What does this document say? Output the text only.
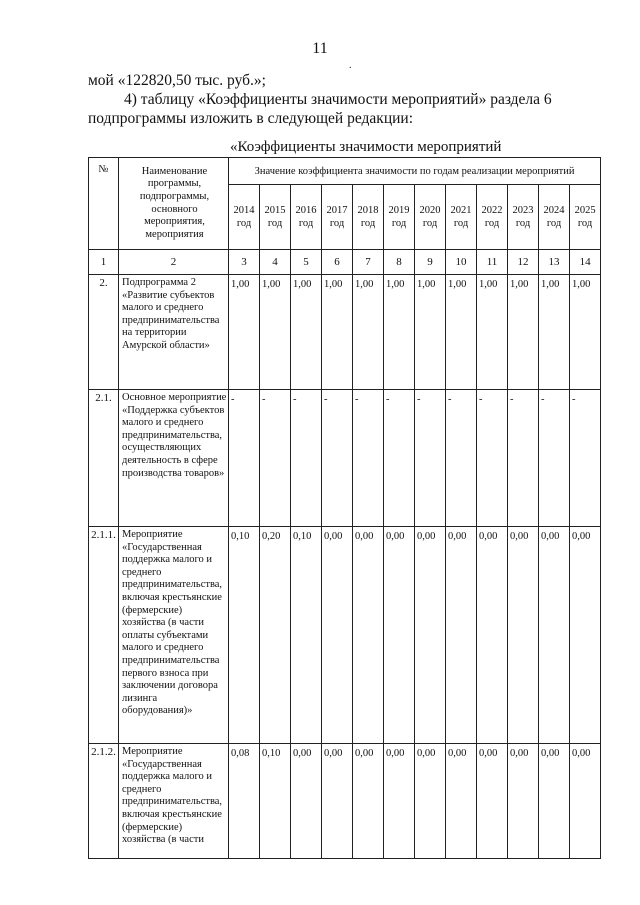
11
.
мой «122820,50 тыс. руб.»;
4) таблицу «Коэффициенты значимости мероприятий» раздела 6 подпрограммы изложить в следующей редакции:
«Коэффициенты значимости мероприятий
№	Наименование программы, подпрограммы, основного мероприятия, мероприятия	Значение коэффициента значимости по годам реализации мероприятий											
		2014 год	2015 год	2016 год	2017 год	2018 год	2019 год	2020 год	2021 год	2022 год	2023 год	2024 год	2025 год
1	2	3	4	5	6	7	8	9	10	11	12	13	14
2.	Подпрограмма 2 «Развитие субъектов малого и среднего предпринимательства на территории Амурской области»	1,00	1,00	1,00	1,00	1,00	1,00	1,00	1,00	1,00	1,00	1,00	1,00
2.1.	Основное мероприятие «Поддержка субъектов малого и среднего предпринимательства, осуществляющих деятельность в сфере производства товаров»	-	-	-	-	-	-	-	-	-	-	-	-
2.1.1.	Мероприятие «Государственная поддержка малого и среднего предпринимательства, включая крестьянские (фермерские) хозяйства (в части оплаты субъектами малого и среднего предпринимательства первого взноса при заключении договора лизинга оборудования)»	0,10	0,20	0,10	0,00	0,00	0,00	0,00	0,00	0,00	0,00	0,00	0,00
2.1.2.	Мероприятие «Государственная поддержка малого и среднего предпринимательства, включая крестьянские (фермерские) хозяйства (в части	0,08	0,10	0,00	0,00	0,00	0,00	0,00	0,00	0,00	0,00	0,00	0,00
